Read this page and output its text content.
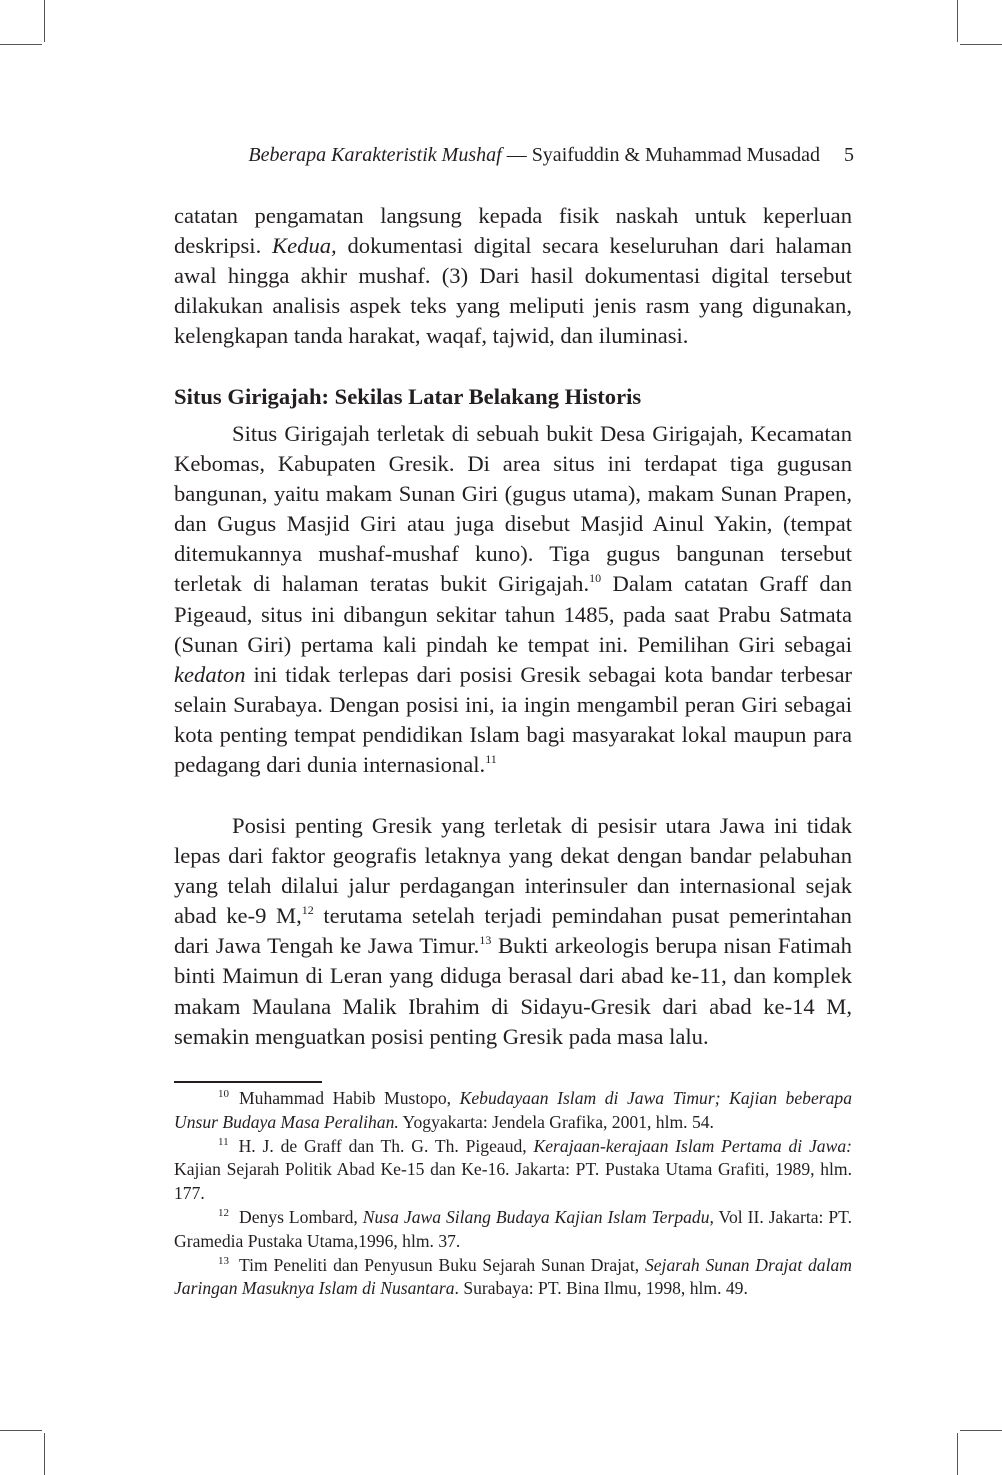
Beberapa Karakteristik Mushaf — Syaifuddin & Muhammad Musadad 5

catatan pengamatan langsung kepada fisik naskah untuk keperluan deskripsi. Kedua, dokumentasi digital secara keseluruhan dari halaman awal hingga akhir mushaf. (3) Dari hasil dokumentasi digital tersebut dilakukan analisis aspek teks yang meliputi jenis rasm yang digunakan, kelengkapan tanda harakat, waqaf, tajwid, dan iluminasi.

Situs Girigajah: Sekilas Latar Belakang Historis

Situs Girigajah terletak di sebuah bukit Desa Girigajah, Kecamatan Kebomas, Kabupaten Gresik. Di area situs ini terdapat tiga gugusan bangunan, yaitu makam Sunan Giri (gugus utama), makam Sunan Prapen, dan Gugus Masjid Giri atau juga disebut Masjid Ainul Yakin, (tempat ditemukannya mushaf-mushaf kuno). Tiga gugus bangunan tersebut terletak di halaman teratas bukit Girigajah.$^{10}$ Dalam catatan Graff dan Pigeaud, situs ini dibangun sekitar tahun 1485, pada saat Prabu Satmata (Sunan Giri) pertama kali pindah ke tempat ini. Pemilihan Giri sebagai kedaton ini tidak terlepas dari posisi Gresik sebagai kota bandar terbesar selain Surabaya. Dengan posisi ini, ia ingin mengambil peran Giri sebagai kota penting tempat pendidikan Islam bagi masyarakat lokal maupun para pedagang dari dunia internasional.$^{11}$

Posisi penting Gresik yang terletak di pesisir utara Jawa ini tidak lepas dari faktor geografis letaknya yang dekat dengan bandar pelabuhan yang telah dilalui jalur perdagangan interinsuler dan internasional sejak abad ke-9 M,$^{12}$ terutama setelah terjadi pemindahan pusat pemerintahan dari Jawa Tengah ke Jawa Timur.$^{13}$ Bukti arkeologis berupa nisan Fatimah binti Maimun di Leran yang diduga berasal dari abad ke-11, dan komplek makam Maulana Malik Ibrahim di Sidayu-Gresik dari abad ke-14 M, semakin menguatkan posisi penting Gresik pada masa lalu.

$^{10}$ Muhammad Habib Mustopo, Kebudayaan Islam di Jawa Timur; Kajian beberapa Unsur Budaya Masa Peralihan. Yogyakarta: Jendela Grafika, 2001, hlm. 54.

$^{11}$ H. J. de Graff dan Th. G. Th. Pigeaud, Kerajaan-kerajaan Islam Pertama di Jawa: Kajian Sejarah Politik Abad Ke-15 dan Ke-16. Jakarta: PT. Pustaka Utama Grafiti, 1989, hlm. 177.

$^{12}$ Denys Lombard, Nusa Jawa Silang Budaya Kajian Islam Terpadu, Vol II. Jakarta: PT. Gramedia Pustaka Utama,1996, hlm. 37.

$^{13}$ Tim Peneliti dan Penyusun Buku Sejarah Sunan Drajat, Sejarah Sunan Drajat dalam Jaringan Masuknya Islam di Nusantara. Surabaya: PT. Bina Ilmu, 1998, hlm. 49.
